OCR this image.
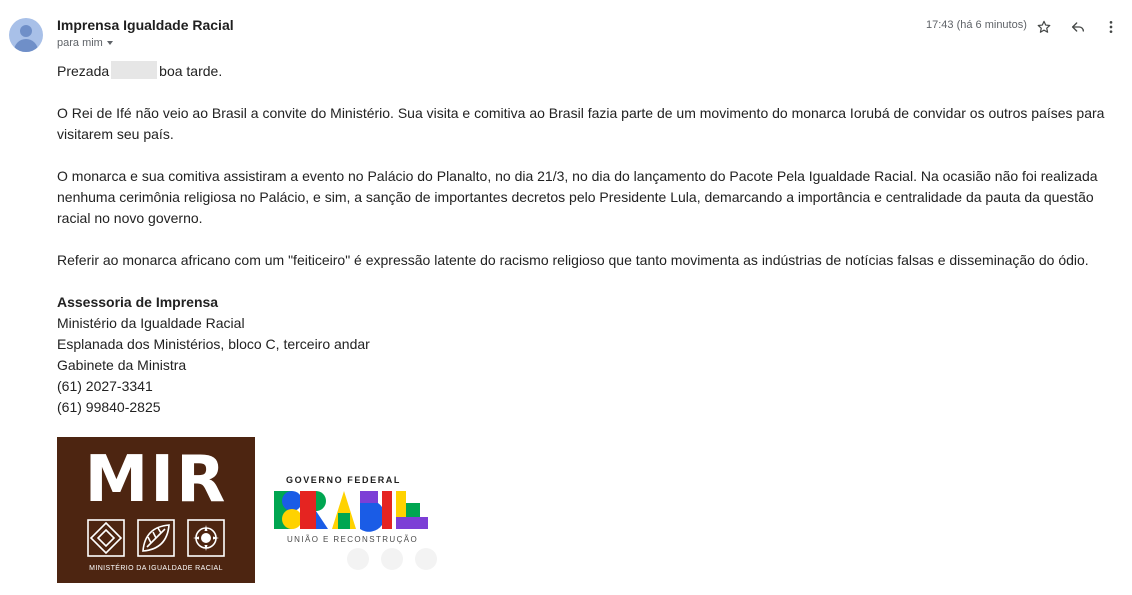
Imprensa Igualdade Racial
para mim
17:43 (há 6 minutos)

Prezada	boa tarde.

O Rei de Ifé não veio ao Brasil a convite do Ministério. Sua visita e comitiva ao Brasil fazia parte de um movimento do monarca Iorubá de convidar os outros países para visitarem seu país.

O monarca e sua comitiva assistiram a evento no Palácio do Planalto, no dia 21/3, no dia do lançamento do Pacote Pela Igualdade Racial. Na ocasião não foi realizada nenhuma cerimônia religiosa no Palácio, e sim, a sanção de importantes decretos pelo Presidente Lula, demarcando a importância e centralidade da pauta da questão racial no novo governo.

Referir ao monarca africano com um "feiticeiro" é expressão latente do racismo religioso que tanto movimenta as indústrias de notícias falsas e disseminação do ódio.

Assessoria de Imprensa
Ministério da Igualdade Racial
Esplanada dos Ministérios, bloco C, terceiro andar
Gabinete da Ministra
(61) 2027-3341
(61) 99840-2825
MIR
MINISTÉRIO DA IGUALDADE RACIAL
GOVERNO FEDERAL
UNIÃO E RECONSTRUÇÃO
